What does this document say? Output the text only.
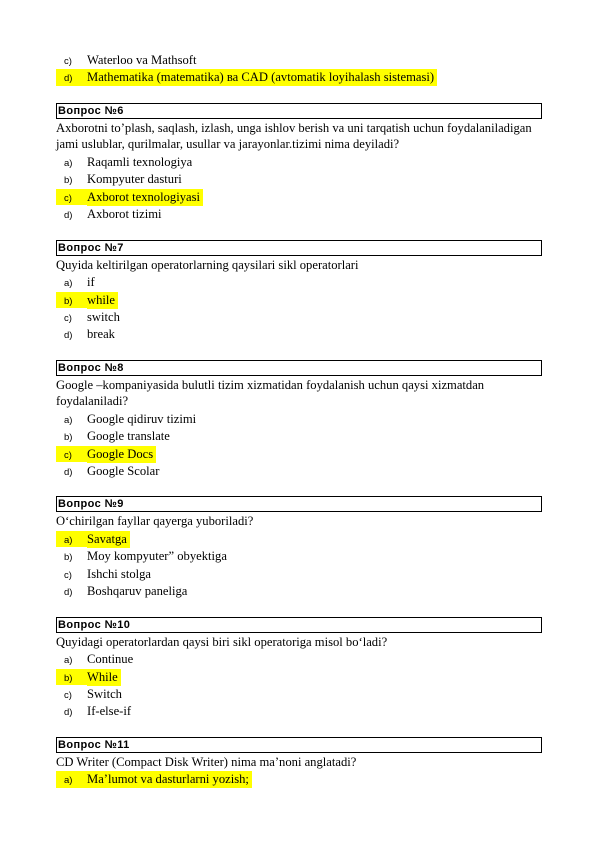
c) Waterloo va Mathsoft
d) Mathematika (matematika) ва CAD (avtomatik loyihalash sistemasi)
Вопрос №6
Axborotni to’plash, saqlash, izlash, unga ishlov berish va uni tarqatish uchun foydalaniladigan jami uslublar, qurilmalar, usullar va jarayonlar.tizimi nima deyiladi?
a) Raqamli texnologiya
b) Kompyuter dasturi
c) Axborot texnologiyasi
d) Axborot tizimi
Вопрос №7
Quyida keltirilgan operatorlarning qaysilari sikl operatorlari
a) if
b) while
c) switch
d) break
Вопрос №8
Google –kompaniyasida bulutli tizim xizmatidan foydalanish uchun qaysi xizmatdan foydalaniladi?
a) Google qidiruv tizimi
b) Google translate
c) Google Docs
d) Google Scolar
Вопрос №9
O‘chirilgan fayllar qayerga yuboriladi?
a) Savatga
b) Moy kompyuter” obyektiga
c) Ishchi stolga
d) Boshqaruv paneliga
Вопрос №10
Quyidagi operatorlardan qaysi biri sikl operatoriga misol bo‘ladi?
a) Continue
b) While
c) Switch
d) If-else-if
Вопрос №11
CD Writer (Compact Disk Writer) nima ma’noni anglatadi?
a) Ma’lumot va dasturlarni yozish;
